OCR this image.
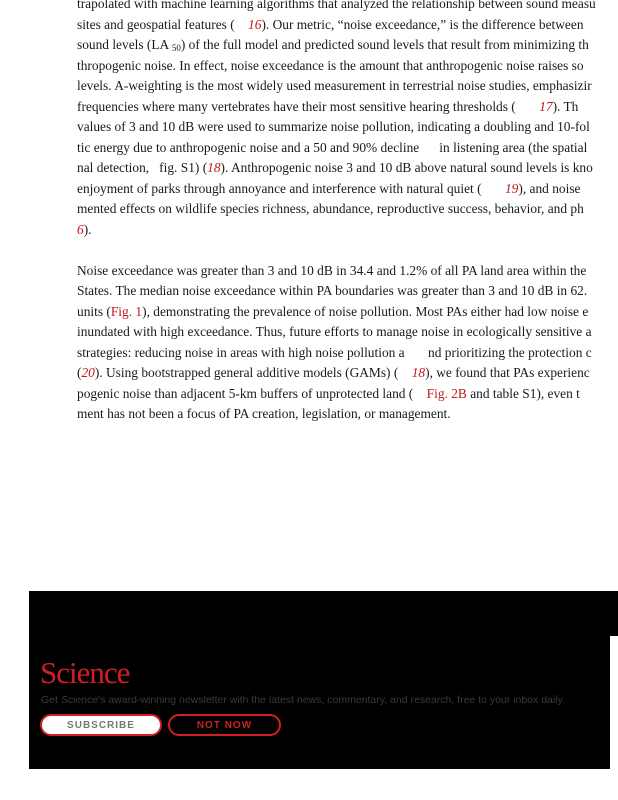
trapolated with machine learning algorithms that analyzed the relationship between sound measu
sites and geospatial features ( 16). Our metric, “noise exceedance,” is the difference between
sound levels (LA $_{50}$) of the full model and predicted sound levels that result from minimizing th
thropogenic noise. In effect, noise exceedance is the amount that anthropogenic noise raises so
levels. A-weighting is the most widely used measurement in terrestrial noise studies, emphasizir
frequencies where many vertebrates have their most sensitive hearing thresholds ( 17). Th
values of 3 and 10 dB were used to summarize noise pollution, indicating a doubling and 10-fol
tic energy due to anthropogenic noise and a 50 and 90% decline      in listening area (the spatial
nal detection,   fig. S1) (18). Anthropogenic noise 3 and 10 dB above natural sound levels is kno
enjoyment of parks through annoyance and interference with natural quiet ( 19), and noise
mented effects on wildlife species richness, abundance, reproductive success, behavior, and ph
6).
Noise exceedance was greater than 3 and 10 dB in 34.4 and 1.2% of all PA land area within the
States. The median noise exceedance within PA boundaries was greater than 3 and 10 dB in 62.
units (Fig. 1), demonstrating the prevalence of noise pollution. Most PAs either had low noise e
inundated with high exceedance. Thus, future efforts to manage noise in ecologically sensitive a
strategies: reducing noise in areas with high noise pollution a       nd prioritizing the protection c
(20). Using bootstrapped general additive models (GAMs) ( 18), we found that PAs experienc
pogenic noise than adjacent 5-km buffers of unprotected land ( Fig. 2B and table S1), even t
ment has not been a focus of PA creation, legislation, or management.
Science
Get Science's award-winning newsletter with the latest news, commentary, and research, free to your inbox daily.
SUBSCRIBE	NOT NOW
